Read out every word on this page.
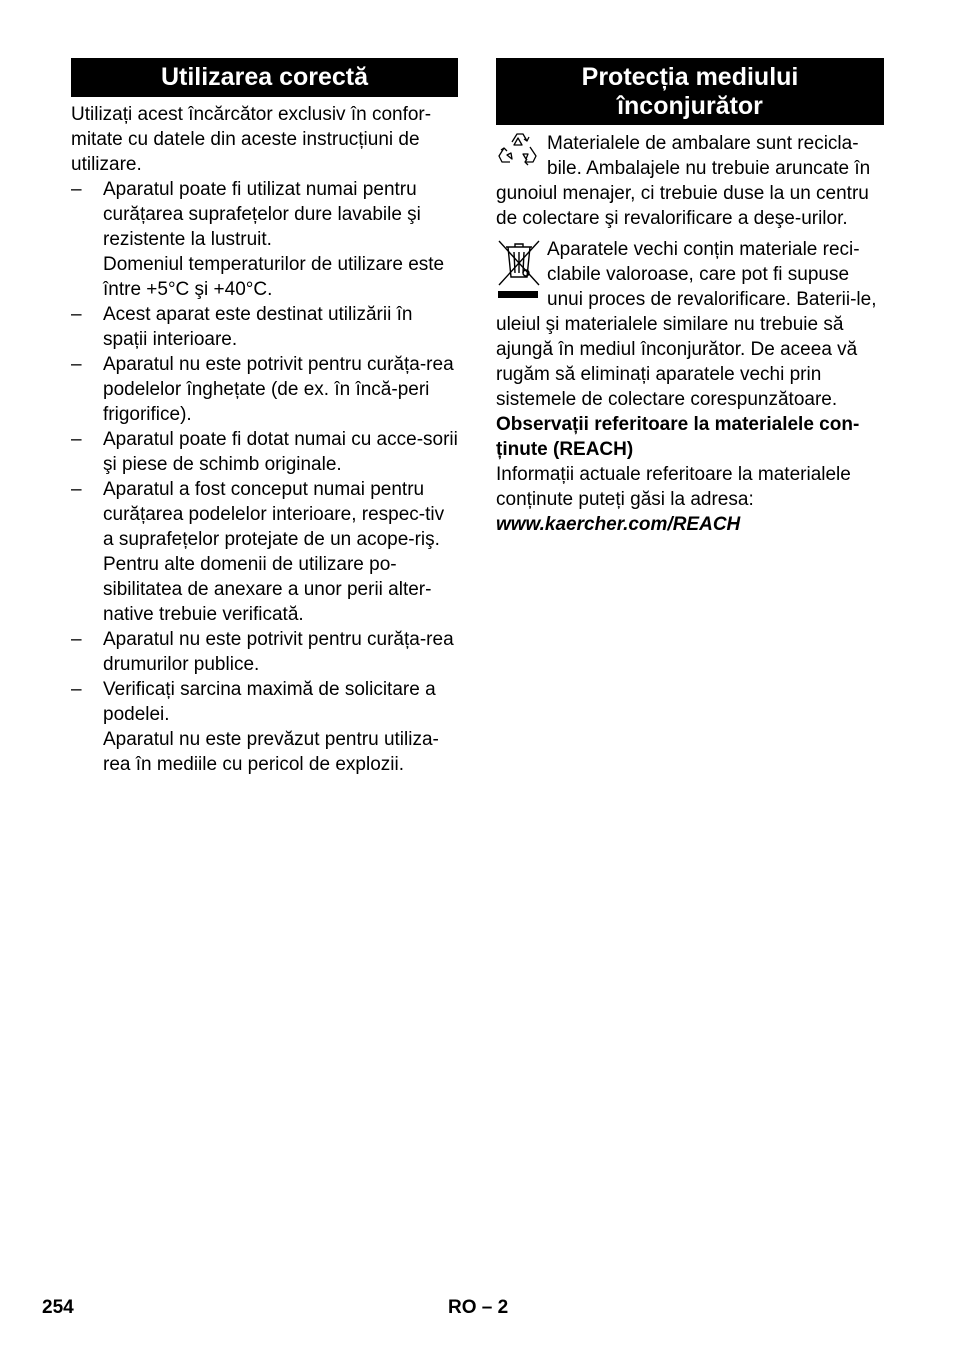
Utilizarea corectă

Utilizați acest încărcător exclusiv în confor-mitate cu datele din aceste instrucțiuni de utilizare.

– Aparatul poate fi utilizat numai pentru curățarea suprafețelor dure lavabile şi rezistente la lustruit.
Domeniul temperaturilor de utilizare este între +5°C şi +40°C.
– Acest aparat este destinat utilizării în spații interioare.
– Aparatul nu este potrivit pentru curăța-rea podelelor înghețate (de ex. în încă-peri frigorifice).
– Aparatul poate fi dotat numai cu acce-sorii şi piese de schimb originale.
– Aparatul a fost conceput numai pentru curățarea podelelor interioare, respec-tiv a suprafețelor protejate de un acope-riş. Pentru alte domenii de utilizare po-sibilitatea de anexare a unor perii alter-native trebuie verificată.
– Aparatul nu este potrivit pentru curăța-rea drumurilor publice.
– Verificați sarcina maximă de solicitare a podelei.
Aparatul nu este prevăzut pentru utiliza-rea în mediile cu pericol de explozii.
Protecția mediului
înconjurător

Materialele de ambalare sunt recicla-bile. Ambalajele nu trebuie aruncate în gunoiul menajer, ci trebuie duse la un centru de colectare şi revalorificare a deşe-urilor.

Aparatele vechi conțin materiale reci-clabile valoroase, care pot fi supuse unui proces de revalorificare. Baterii-le, uleiul şi materialele similare nu trebuie să ajungă în mediul înconjurător. De aceea vă rugăm să eliminați aparatele vechi prin sistemele de colectare corespunzătoare.

Observații referitoare la materialele con-ținute (REACH)

Informații actuale referitoare la materialele conținute puteți găsi la adresa:

www.kaercher.com/REACH

254	RO – 2
